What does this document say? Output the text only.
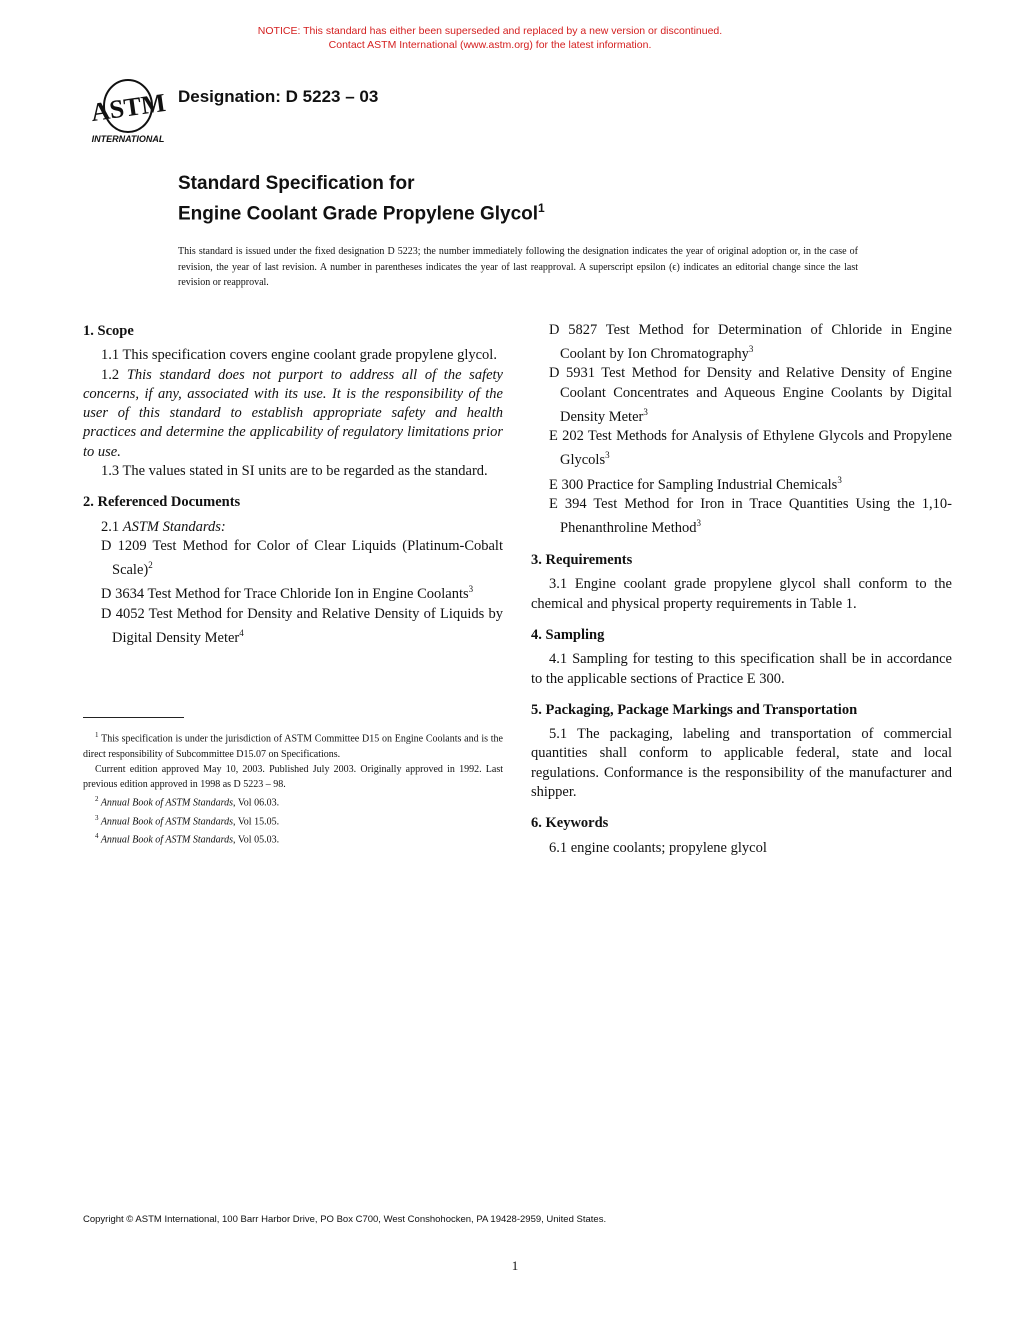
NOTICE: This standard has either been superseded and replaced by a new version or discontinued.
Contact ASTM International (www.astm.org) for the latest information.
ASTM
INTERNATIONAL
Designation: D 5223 – 03
Standard Specification for
Engine Coolant Grade Propylene Glycol$^1$
This standard is issued under the fixed designation D 5223; the number immediately following the designation indicates the year of original adoption or, in the case of revision, the year of last revision. A number in parentheses indicates the year of last reapproval. A superscript epsilon (ϵ) indicates an editorial change since the last revision or reapproval.

1. Scope

1.1 This specification covers engine coolant grade propylene glycol.

1.2 This standard does not purport to address all of the safety concerns, if any, associated with its use. It is the responsibility of the user of this standard to establish appropriate safety and health practices and determine the applicability of regulatory limitations prior to use.

1.3 The values stated in SI units are to be regarded as the standard.

2. Referenced Documents

2.1 ASTM Standards:

D 1209 Test Method for Color of Clear Liquids (Platinum-Cobalt Scale)$^2$

D 3634 Test Method for Trace Chloride Ion in Engine Coolants$^3$

D 4052 Test Method for Density and Relative Density of Liquids by Digital Density Meter$^4$

$^1$ This specification is under the jurisdiction of ASTM Committee D15 on Engine Coolants and is the direct responsibility of Subcommittee D15.07 on Specifications.

Current edition approved May 10, 2003. Published July 2003. Originally approved in 1992. Last previous edition approved in 1998 as D 5223 – 98.

$^2$ Annual Book of ASTM Standards, Vol 06.03.

$^3$ Annual Book of ASTM Standards, Vol 15.05.

$^4$ Annual Book of ASTM Standards, Vol 05.03.

D 5827 Test Method for Determination of Chloride in Engine Coolant by Ion Chromatography$^3$

D 5931 Test Method for Density and Relative Density of Engine Coolant Concentrates and Aqueous Engine Coolants by Digital Density Meter$^3$

E 202 Test Methods for Analysis of Ethylene Glycols and Propylene Glycols$^3$

E 300 Practice for Sampling Industrial Chemicals$^3$

E 394 Test Method for Iron in Trace Quantities Using the 1,10-Phenanthroline Method$^3$

3. Requirements

3.1 Engine coolant grade propylene glycol shall conform to the chemical and physical property requirements in Table 1.

4. Sampling

4.1 Sampling for testing to this specification shall be in accordance to the applicable sections of Practice E 300.

5. Packaging, Package Markings and Transportation

5.1 The packaging, labeling and transportation of commercial quantities shall conform to applicable federal, state and local regulations. Conformance is the responsibility of the manufacturer and shipper.

6. Keywords

6.1 engine coolants; propylene glycol

Copyright © ASTM International, 100 Barr Harbor Drive, PO Box C700, West Conshohocken, PA 19428-2959, United States.
1
